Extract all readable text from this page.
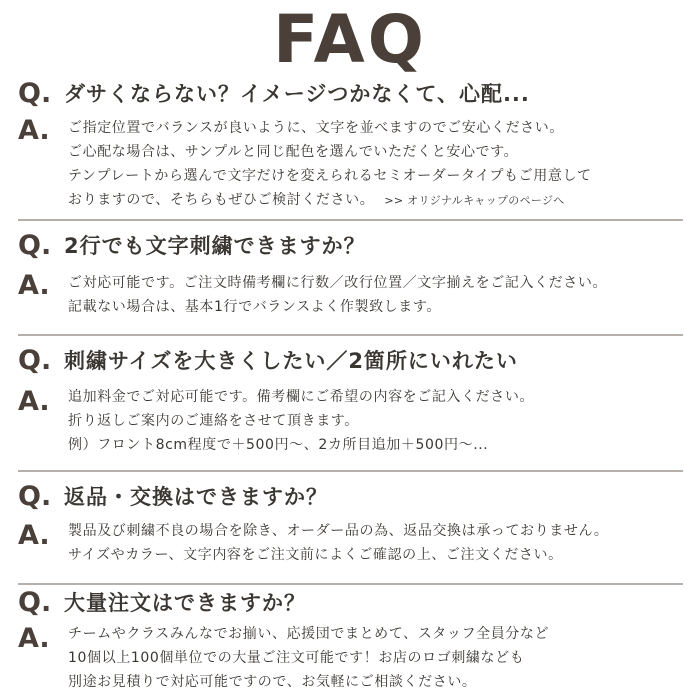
FAQ
Q. ダサくならない？イメージつかなくて、心配...
A. ご指定位置でバランスが良いように、文字を並べますのでご安心ください。
ご心配な場合は、サンプルと同じ配色を選んでいただくと安心です。
テンプレートから選んで文字だけを変えられるセミオーダータイプもご用意して
おりますので、そちらもぜひご検討ください。 >> オリジナルキャップのページへ
Q. 2行でも文字刺繍できますか？
A. ご対応可能です。ご注文時備考欄に行数／改行位置／文字揃えをご記入ください。
記載ない場合は、基本1行でバランスよく作製致します。
Q. 刺繍サイズを大きくしたい／2箇所にいれたい
A. 追加料金でご対応可能です。備考欄にご希望の内容をご記入ください。
折り返しご案内のご連絡をさせて頂きます。
例）フロント8cm程度で＋500円〜、2カ所目追加＋500円〜...
Q. 返品・交換はできますか？
A. 製品及び刺繍不良の場合を除き、オーダー品の為、返品交換は承っておりません。
サイズやカラー、文字内容をご注文前によくご確認の上、ご注文ください。
Q. 大量注文はできますか？
A. チームやクラスみんなでお揃い、応援団でまとめて、スタッフ全員分など
10個以上100個単位での大量ご注文可能です！お店のロゴ刺繍なども
別途お見積りで対応可能ですので、お気軽にご相談ください。
